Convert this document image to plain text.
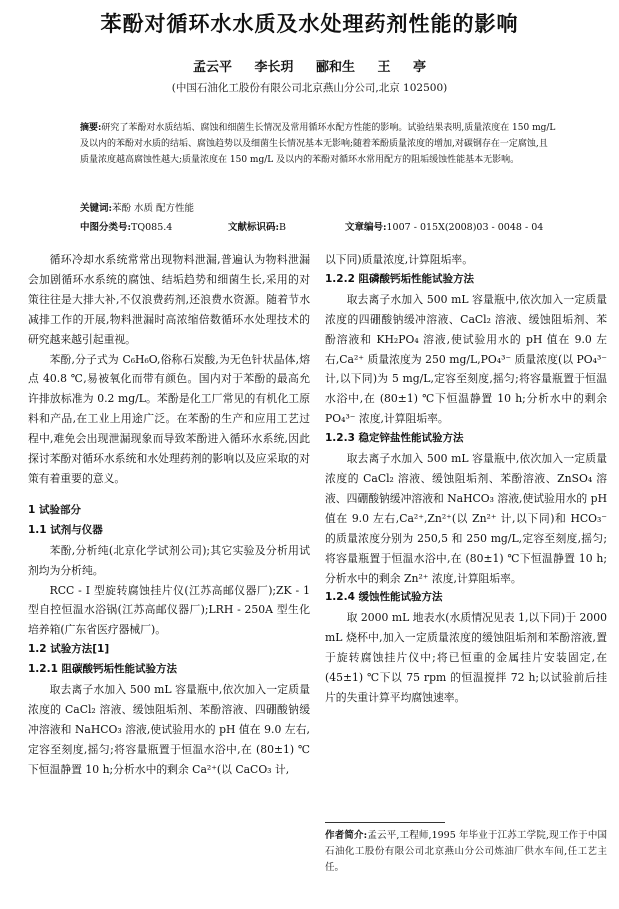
苯酚对循环水水质及水处理药剂性能的影响
孟云平 李长玥 郦和生 王 亭
(中国石油化工股份有限公司北京燕山分公司,北京 102500)
摘要:研究了苯酚对水质结垢、腐蚀和细菌生长情况及常用循环水配方性能的影响。试验结果表明,质量浓度在 150 mg/L 及以内的苯酚对水质的结垢、腐蚀趋势以及细菌生长情况基本无影响;随着苯酚质量浓度的增加,对碳钢存在一定腐蚀,且质量浓度越高腐蚀性越大;质量浓度在 150 mg/L 及以内的苯酚对循环水常用配方的阻垢缓蚀性能基本无影响。
关键词:苯酚 水质 配方性能
中图分类号:TQ085.4	文献标识码:B	文章编号:1007 - 015X(2008)03 - 0048 - 04

循环冷却水系统常常出现物料泄漏,普遍认为物料泄漏会加剧循环水系统的腐蚀、结垢趋势和细菌生长,采用的对策往往是大排大补,不仅浪费药剂,还浪费水资源。随着节水减排工作的开展,物料泄漏时高浓缩倍数循环水处理技术的研究越来越引起重视。

苯酚,分子式为 C₆H₆O,俗称石炭酸,为无色针状晶体,熔点 40.8 ℃,易被氧化而带有颜色。国内对于苯酚的最高允许排放标准为 0.2 mg/L。苯酚是化工厂常见的有机化工原料和产品,在工业上用途广泛。在苯酚的生产和应用工艺过程中,难免会出现泄漏现象而导致苯酚进入循环水系统,因此探讨苯酚对循环水系统和水处理药剂的影响以及应采取的对策有着重要的意义。

1 试验部分

1.1 试剂与仪器

苯酚,分析纯(北京化学试剂公司);其它实验及分析用试剂均为分析纯。

RCC - I 型旋转腐蚀挂片仪(江苏高邮仪器厂);ZK - 1 型自控恒温水浴锅(江苏高邮仪器厂);LRH - 250A 型生化培养箱(广东省医疗器械厂)。

1.2 试验方法[1]

1.2.1 阻碳酸钙垢性能试验方法

取去离子水加入 500 mL 容量瓶中,依次加入一定质量浓度的 CaCl₂ 溶液、缓蚀阻垢剂、苯酚溶液、四硼酸钠缓冲溶液和 NaHCO₃ 溶液,使试验用水的 pH 值在 9.0 左右,定容至刻度,摇匀;将容量瓶置于恒温水浴中,在 (80±1) ℃下恒温静置 10 h;分析水中的剩余 Ca²⁺(以 CaCO₃ 计,

以下同)质量浓度,计算阻垢率。

1.2.2 阻磷酸钙垢性能试验方法

取去离子水加入 500 mL 容量瓶中,依次加入一定质量浓度的四硼酸钠缓冲溶液、CaCl₂ 溶液、缓蚀阻垢剂、苯酚溶液和 KH₂PO₄ 溶液,使试验用水的 pH 值在 9.0 左右,Ca²⁺ 质量浓度为 250 mg/L,PO₄³⁻ 质量浓度(以 PO₄³⁻ 计,以下同)为 5 mg/L,定容至刻度,摇匀;将容量瓶置于恒温水浴中,在 (80±1) ℃下恒温静置 10 h;分析水中的剩余 PO₄³⁻ 浓度,计算阻垢率。

1.2.3 稳定锌盐性能试验方法

取去离子水加入 500 mL 容量瓶中,依次加入一定质量浓度的 CaCl₂ 溶液、缓蚀阻垢剂、苯酚溶液、ZnSO₄ 溶液、四硼酸钠缓冲溶液和 NaHCO₃ 溶液,使试验用水的 pH 值在 9.0 左右,Ca²⁺,Zn²⁺(以 Zn²⁺ 计,以下同)和 HCO₃⁻ 的质量浓度分别为 250,5 和 250 mg/L,定容至刻度,摇匀;将容量瓶置于恒温水浴中,在 (80±1) ℃下恒温静置 10 h;分析水中的剩余 Zn²⁺ 浓度,计算阻垢率。

1.2.4 缓蚀性能试验方法

取 2000 mL 地表水(水质情况见表 1,以下同)于 2000 mL 烧杯中,加入一定质量浓度的缓蚀阻垢剂和苯酚溶液,置于旋转腐蚀挂片仪中;将已恒重的金属挂片安装固定,在 (45±1) ℃下以 75 rpm 的恒温搅拌 72 h;以试验前后挂片的失重计算平均腐蚀速率。

作者简介:孟云平,工程师,1995 年毕业于江苏工学院,现工作于中国石油化工股份有限公司北京燕山分公司炼油厂供水车间,任工艺主任。
